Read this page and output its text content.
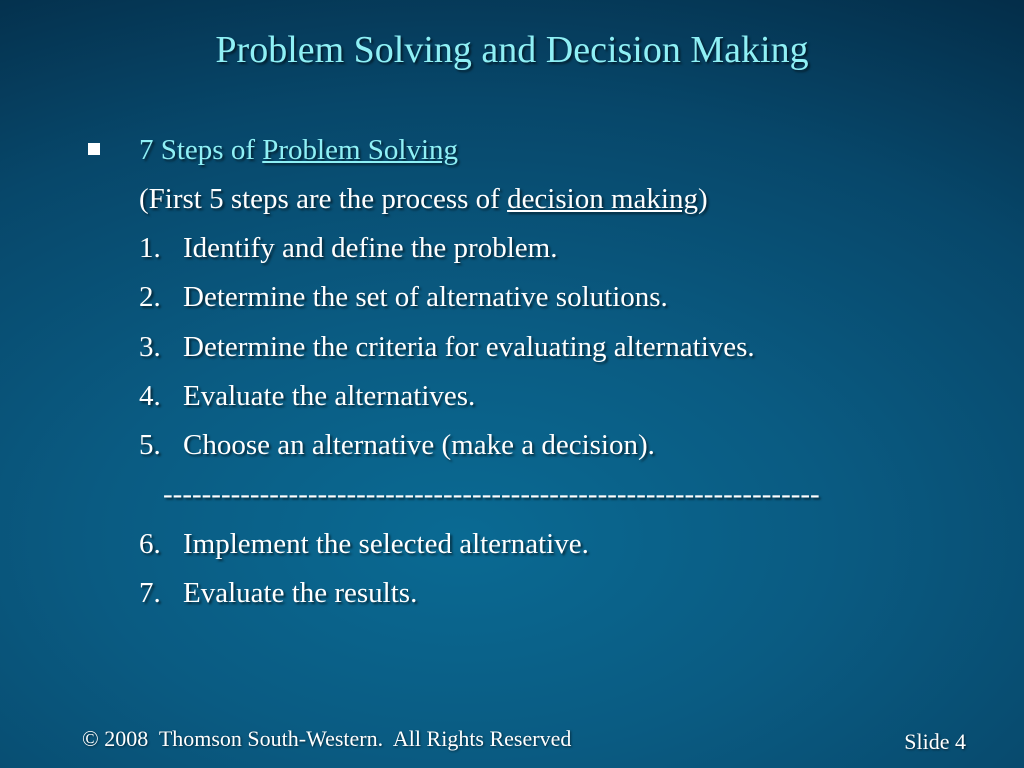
Problem Solving and Decision Making
7 Steps of Problem Solving
(First 5 steps are the process of decision making)
1. Identify and define the problem.
2. Determine the set of alternative solutions.
3. Determine the criteria for evaluating alternatives.
4. Evaluate the alternatives.
5. Choose an alternative (make a decision).
--------------------------------------------------------------------
6. Implement the selected alternative.
7. Evaluate the results.
© 2008  Thomson South-Western.  All Rights Reserved	Slide 4
